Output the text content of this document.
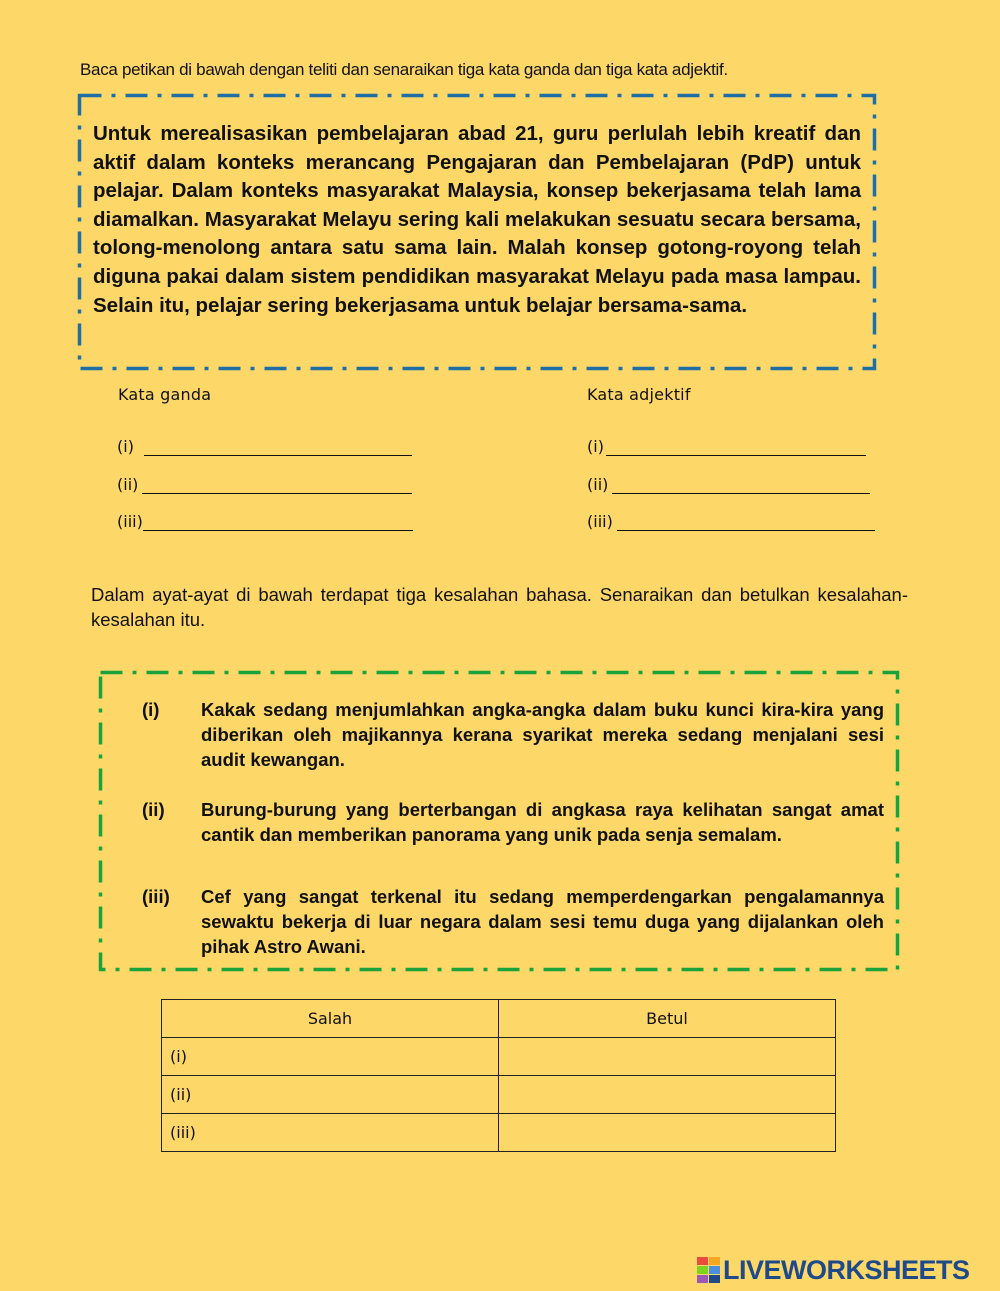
Baca petikan di bawah dengan teliti dan senaraikan tiga kata ganda dan tiga kata adjektif.
Untuk merealisasikan pembelajaran abad 21, guru perlulah lebih kreatif dan aktif dalam konteks merancang Pengajaran dan Pembelajaran (PdP) untuk pelajar. Dalam konteks masyarakat Malaysia, konsep bekerjasama telah lama diamalkan. Masyarakat Melayu sering kali melakukan sesuatu secara bersama, tolong-menolong antara satu sama lain. Malah konsep gotong-royong telah diguna pakai dalam sistem pendidikan masyarakat Melayu pada masa lampau. Selain itu, pelajar sering bekerjasama untuk belajar bersama-sama.
Kata ganda
(i)
(ii)
(iii)
Kata adjektif
(i)
(ii)
(iii)
Dalam ayat-ayat di bawah terdapat tiga kesalahan bahasa. Senaraikan dan betulkan kesalahan-kesalahan itu.
(i)	Kakak sedang menjumlahkan angka-angka dalam buku kunci kira-kira yang diberikan oleh majikannya kerana syarikat mereka sedang menjalani sesi audit kewangan.
(ii)	Burung-burung yang berterbangan di angkasa raya kelihatan sangat amat cantik dan memberikan panorama yang unik pada senja semalam.
(iii)	Cef yang sangat terkenal itu sedang memperdengarkan pengalamannya sewaktu bekerja di luar negara dalam sesi temu duga yang dijalankan oleh pihak Astro Awani.
Salah	Betul
(i)	
(ii)	
(iii)	
LIVEWORKSHEETS
